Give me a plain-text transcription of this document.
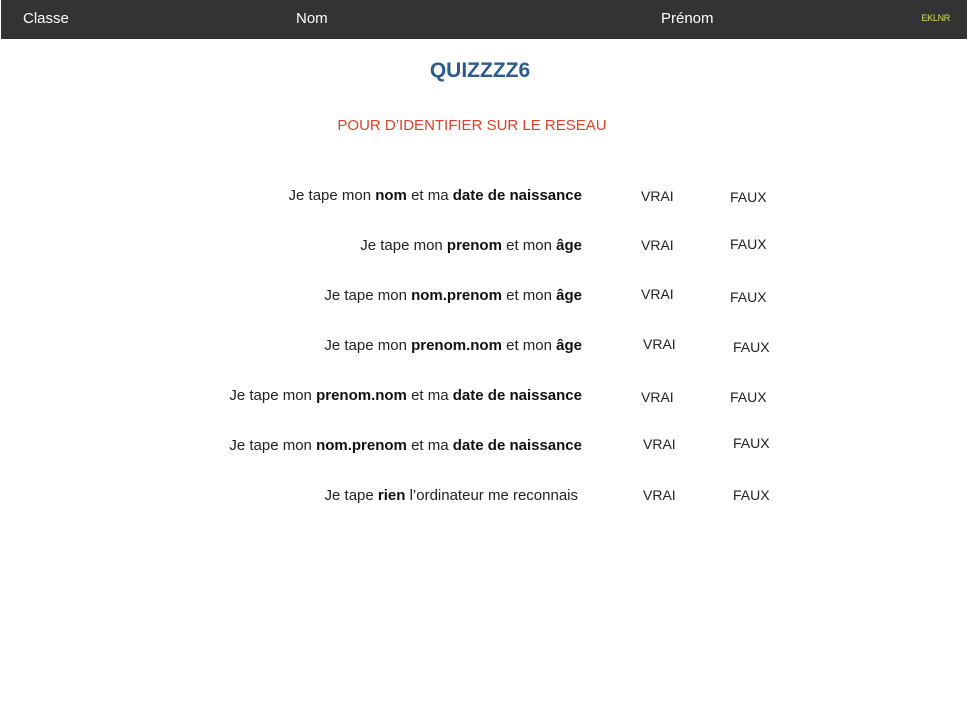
Classe	Nom	Prénom	EKLNR
QUIZZZZ6
POUR D’IDENTIFIER SUR LE RESEAU
Je tape mon nom et ma date de naissance	VRAI	FAUX
Je tape mon prenom et mon âge	VRAI	FAUX
Je tape mon nom.prenom et mon âge	VRAI	FAUX
Je tape mon prenom.nom et mon âge	VRAI	FAUX
Je tape mon prenom.nom et ma date de naissance	VRAI	FAUX
Je tape mon nom.prenom et ma date de naissance	VRAI	FAUX
Je tape rien l’ordinateur me reconnais	VRAI	FAUX
